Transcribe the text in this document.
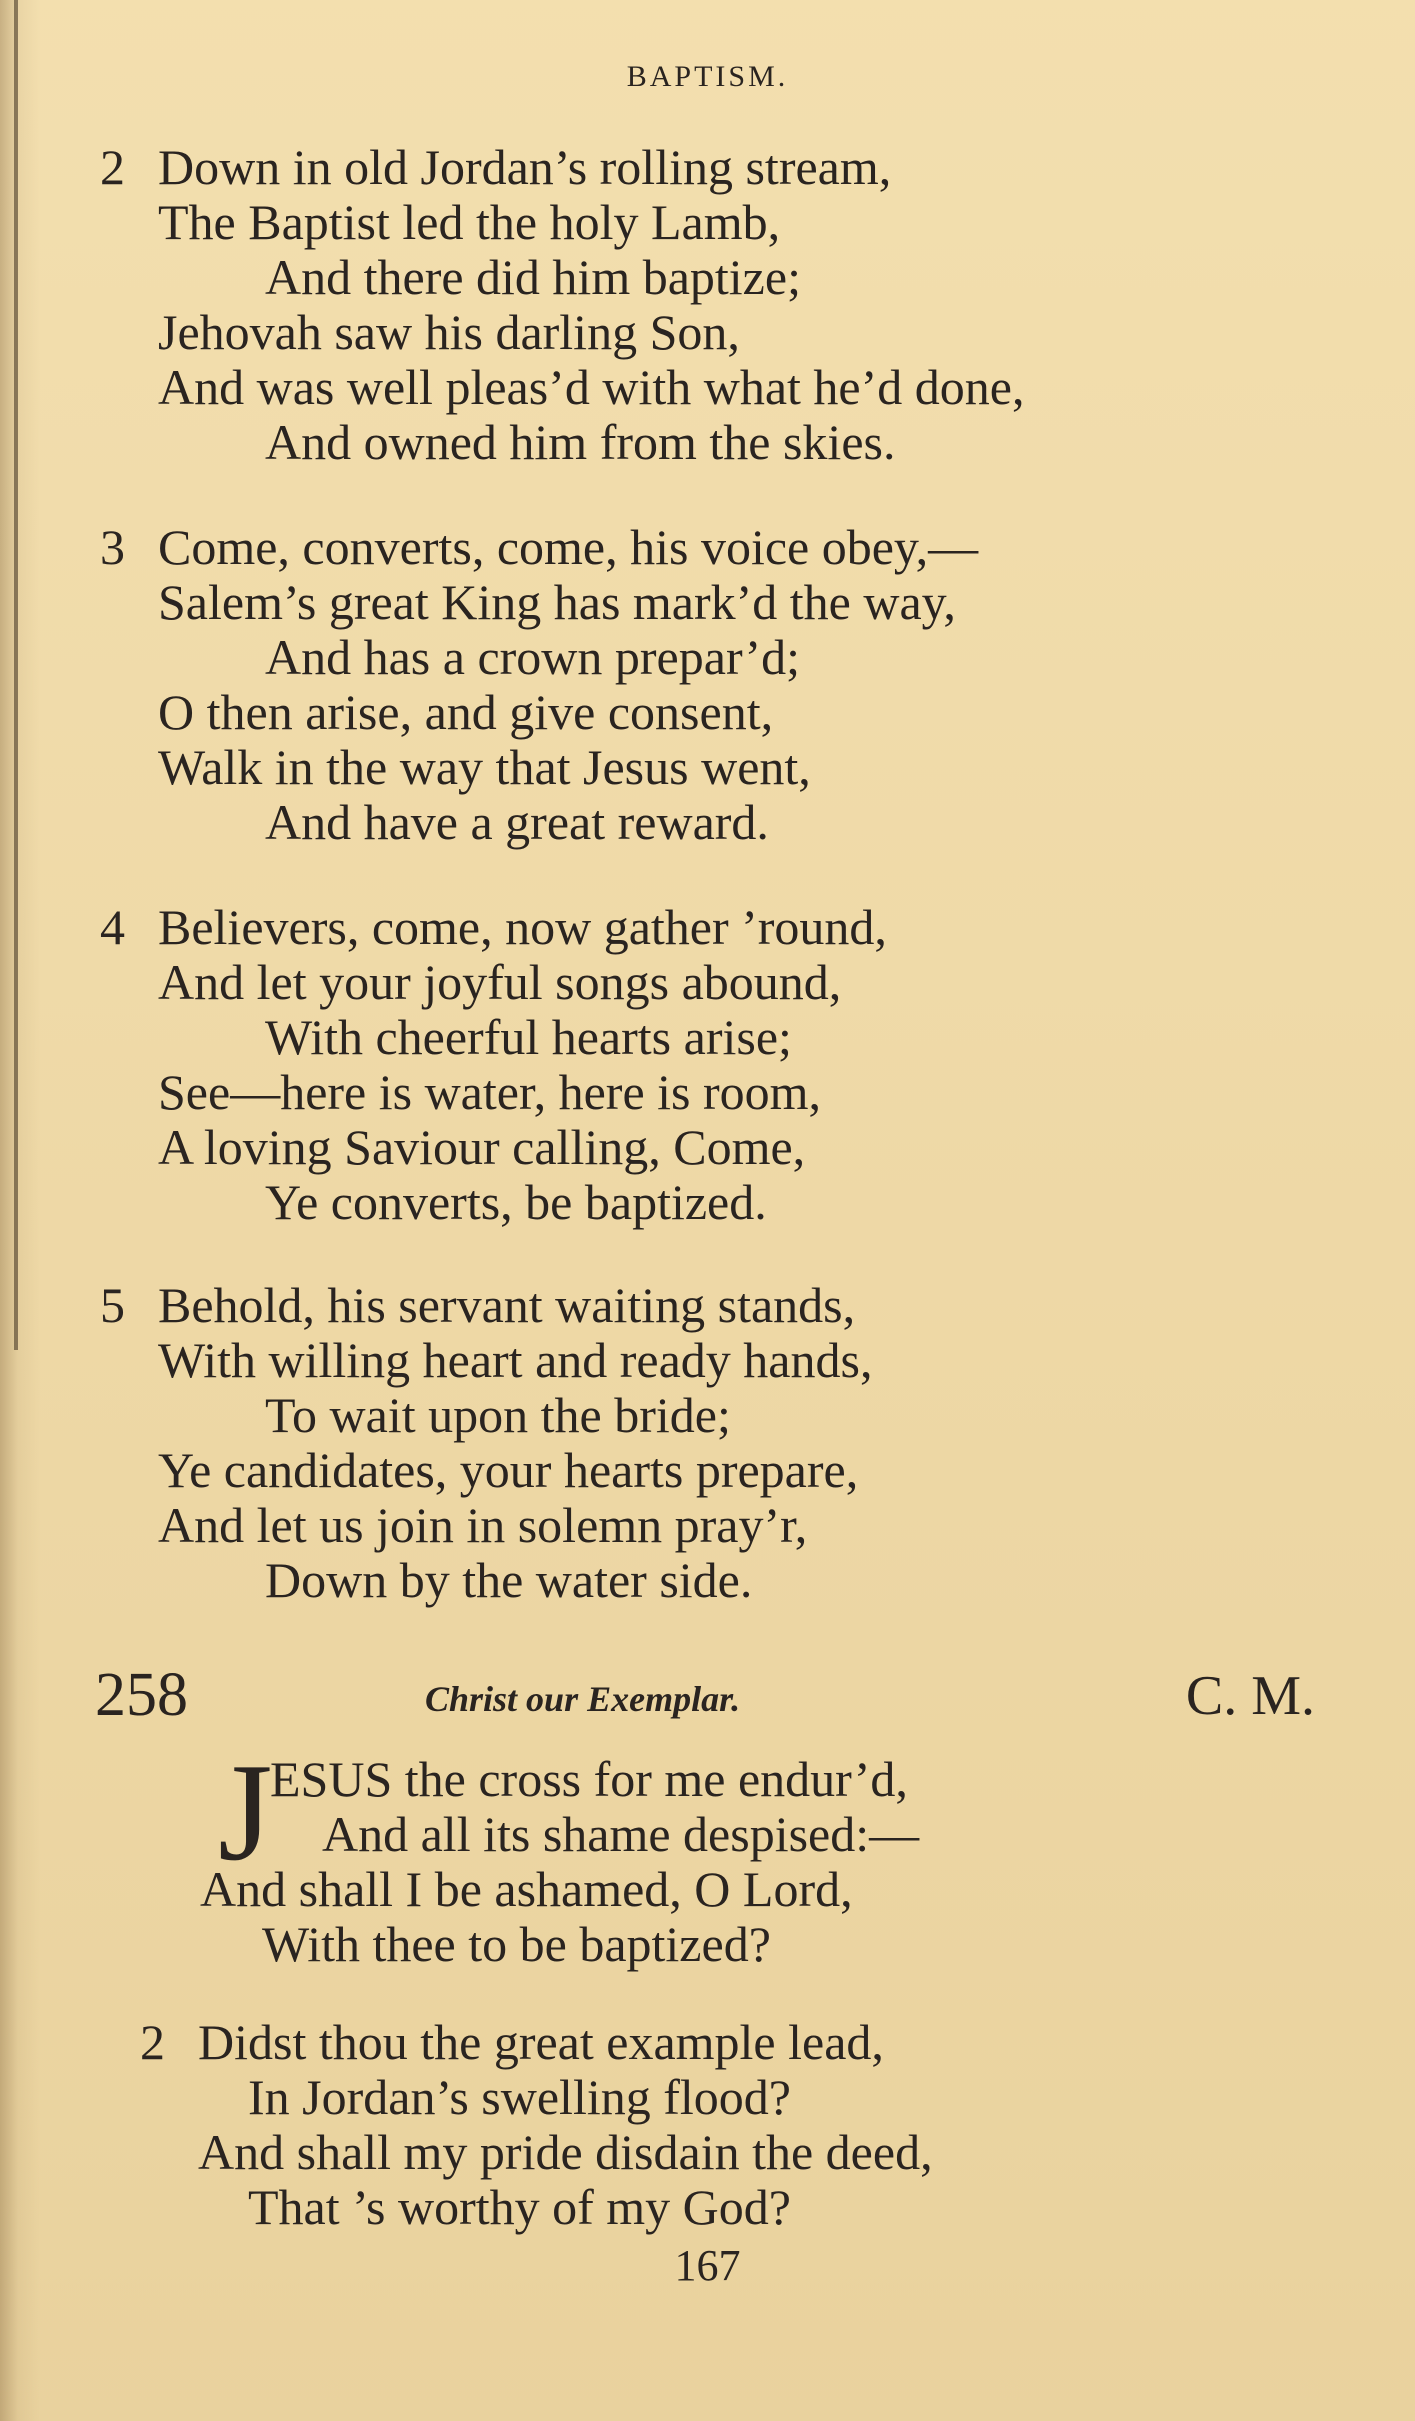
BAPTISM.
2 Down in old Jordan’s rolling stream,
The Baptist led the holy Lamb,
And there did him baptize;
Jehovah saw his darling Son,
And was well pleas’d with what he’d done,
And owned him from the skies.
3 Come, converts, come, his voice obey,—
Salem’s great King has mark’d the way,
And has a crown prepar’d;
O then arise, and give consent,
Walk in the way that Jesus went,
And have a great reward.
4 Believers, come, now gather ’round,
And let your joyful songs abound,
With cheerful hearts arise;
See—here is water, here is room,
A loving Saviour calling, Come,
Ye converts, be baptized.
5 Behold, his servant waiting stands,
With willing heart and ready hands,
To wait upon the bride;
Ye candidates, your hearts prepare,
And let us join in solemn pray’r,
Down by the water side.
258	Christ our Exemplar.	C. M.
J
ESUS the cross for me endur’d,
And all its shame despised:—
And shall I be ashamed, O Lord,
With thee to be baptized?
2 Didst thou the great example lead,
In Jordan’s swelling flood?
And shall my pride disdain the deed,
That ’s worthy of my God?
167
